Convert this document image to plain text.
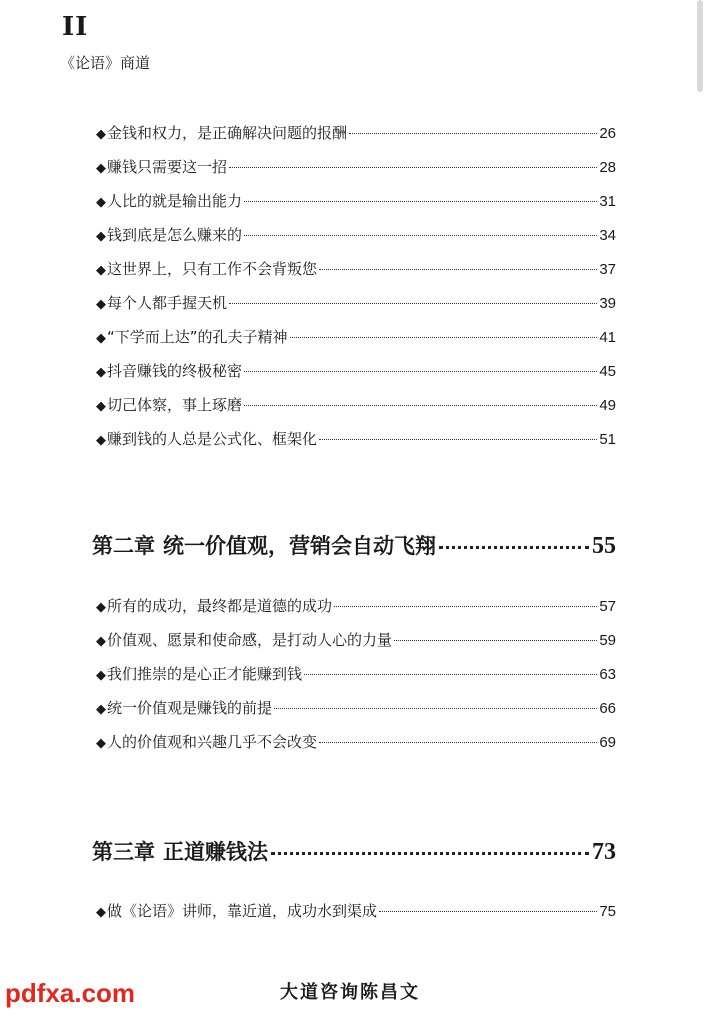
II
《论语》商道
◆ 金钱和权力，是正确解决问题的报酬	26
◆ 赚钱只需要这一招	28
◆ 人比的就是输出能力	31
◆ 钱到底是怎么赚来的	34
◆ 这世界上，只有工作不会背叛您	37
◆ 每个人都手握天机	39
◆ “下学而上达”的孔夫子精神	41
◆ 抖音赚钱的终极秘密	45
◆ 切己体察，事上琢磨	49
◆ 赚到钱的人总是公式化、框架化	51
第二章 统一价值观，营销会自动飞翔	55
◆ 所有的成功，最终都是道德的成功	57
◆ 价值观、愿景和使命感，是打动人心的力量	59
◆ 我们推崇的是心正才能赚到钱	63
◆ 统一价值观是赚钱的前提	66
◆ 人的价值观和兴趣几乎不会改变	69
第三章 正道赚钱法	73
◆ 做《论语》讲师，靠近道，成功水到渠成	75
pdfxa.com	大道咨询陈昌文
